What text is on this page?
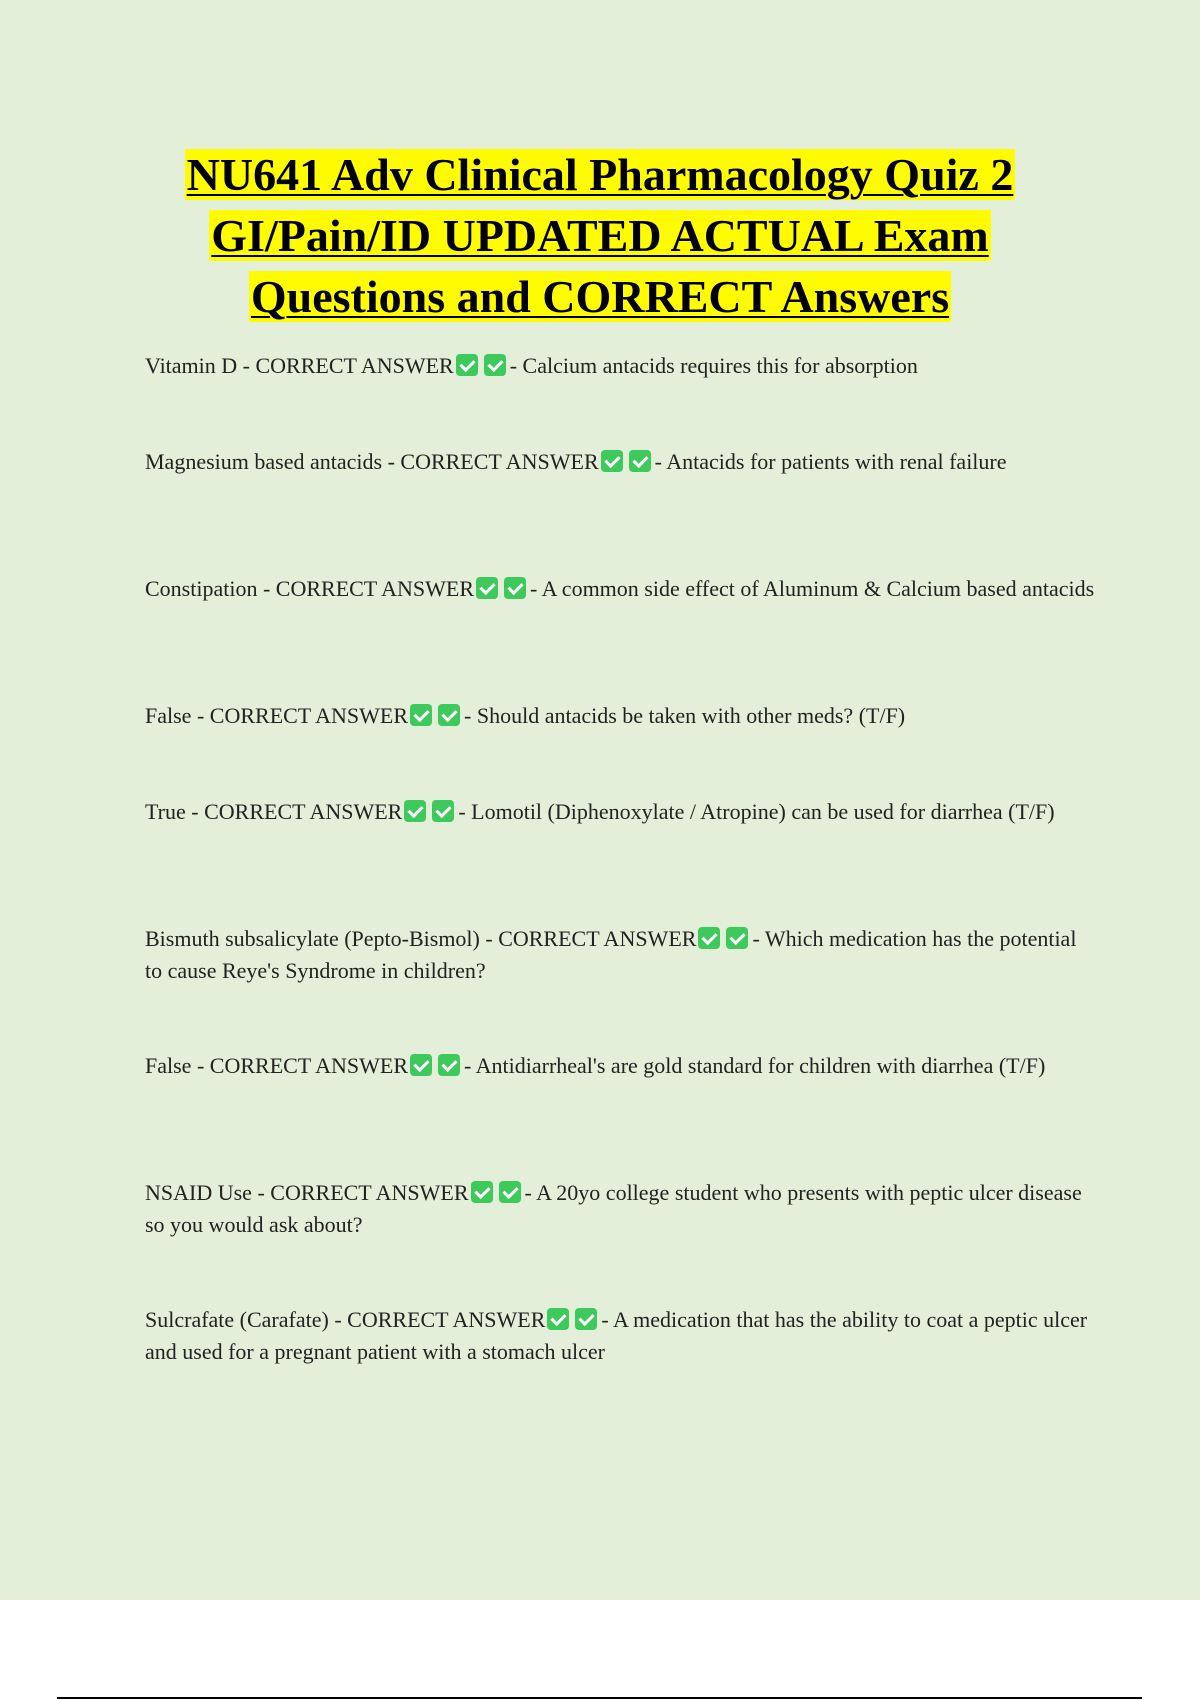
NU641 Adv Clinical Pharmacology Quiz 2
GI/Pain/ID UPDATED ACTUAL Exam
Questions and CORRECT Answers
Vitamin D - CORRECT ANSWER	- Calcium antacids requires this for absorption
Magnesium based antacids - CORRECT ANSWER	- Antacids for patients with renal failure
Constipation - CORRECT ANSWER	- A common side effect of Aluminum & Calcium based antacids
False - CORRECT ANSWER	- Should antacids be taken with other meds? (T/F)
True - CORRECT ANSWER	- Lomotil (Diphenoxylate / Atropine) can be used for diarrhea (T/F)
Bismuth subsalicylate (Pepto-Bismol) - CORRECT ANSWER	- Which medication has the potential to cause Reye's Syndrome in children?
False - CORRECT ANSWER	- Antidiarrheal's are gold standard for children with diarrhea (T/F)
NSAID Use - CORRECT ANSWER	- A 20yo college student who presents with peptic ulcer disease so you would ask about?
Sulcrafate (Carafate) - CORRECT ANSWER	- A medication that has the ability to coat a peptic ulcer and used for a pregnant patient with a stomach ulcer
